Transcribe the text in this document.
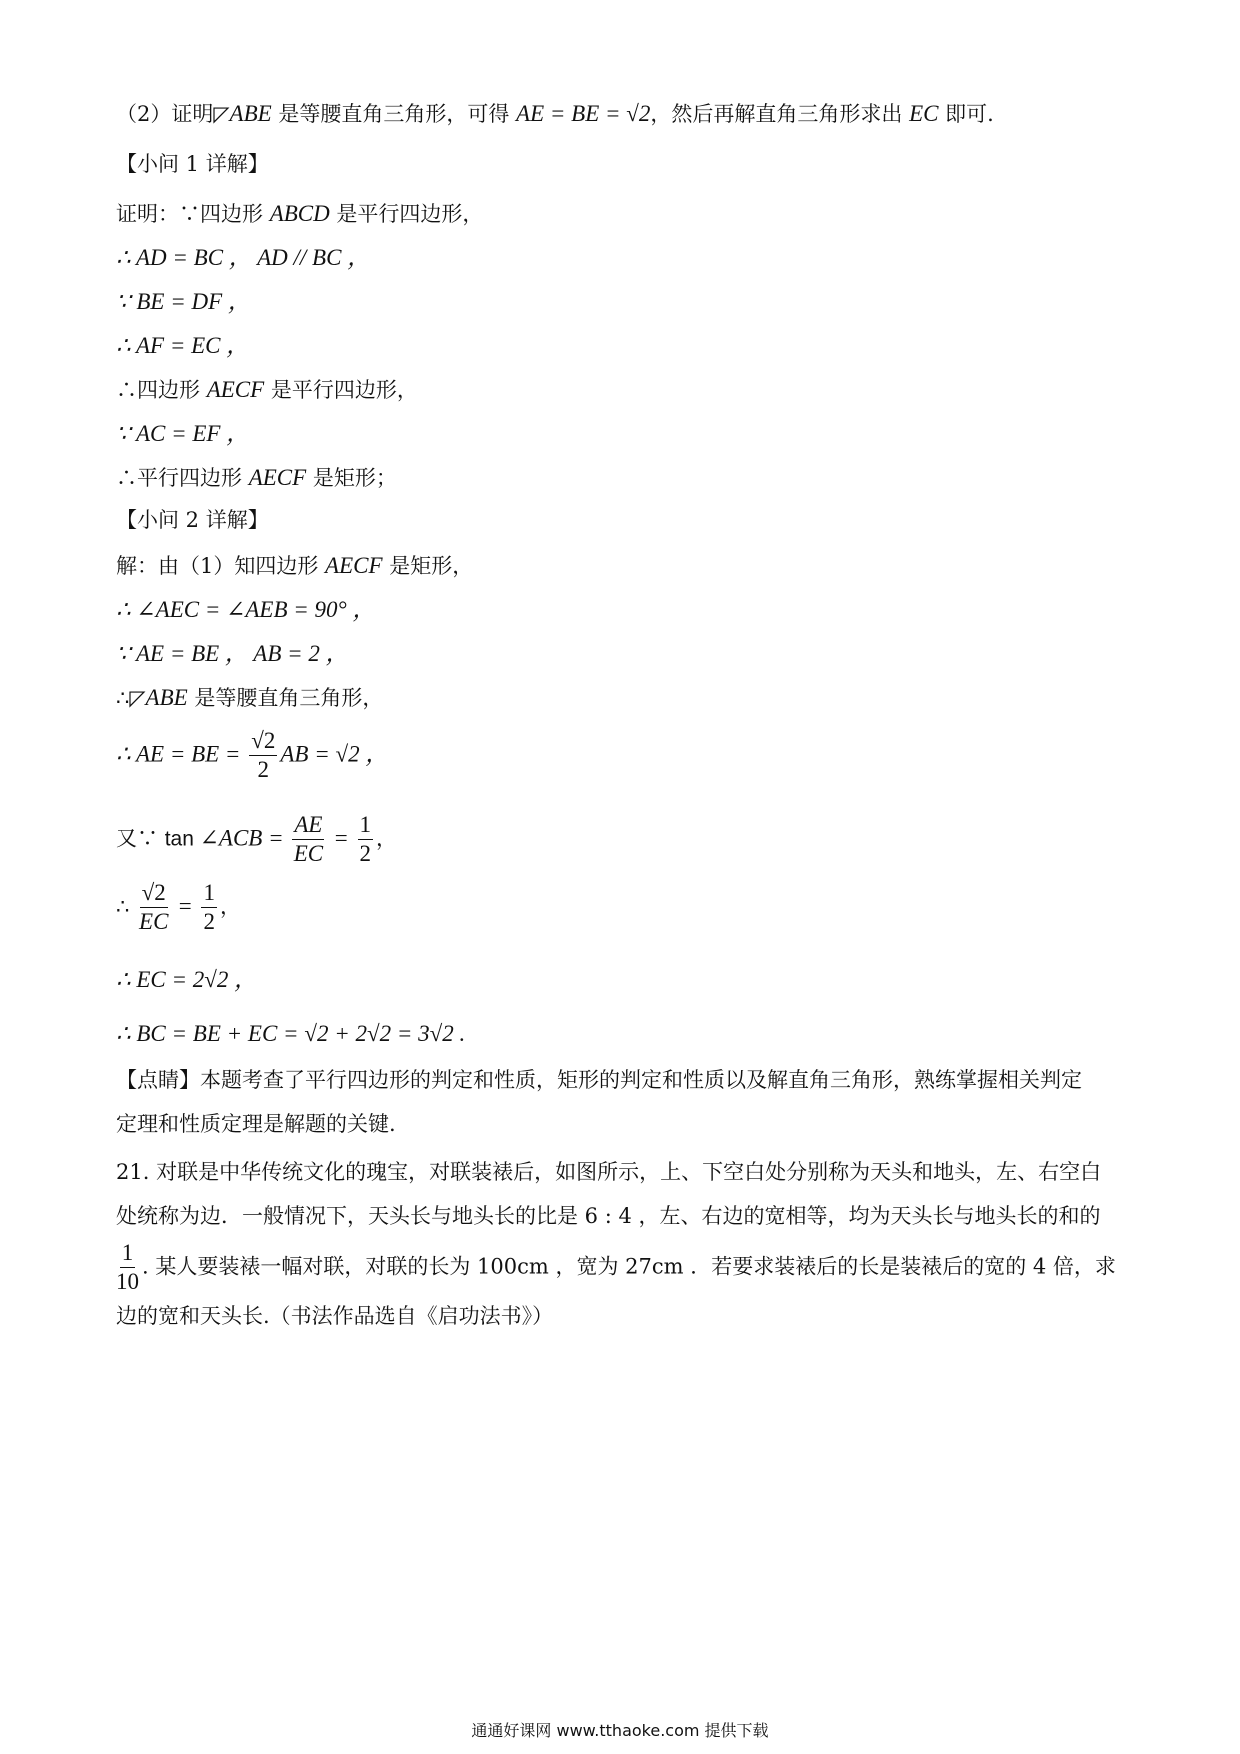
（2）证明◸ABE 是等腰直角三角形，可得 AE = BE = √2，然后再解直角三角形求出 EC 即可.
【小问 1 详解】
证明：∵四边形 ABCD 是平行四边形，
∴ AD = BC ， AD // BC ，
∵ BE = DF ，
∴ AF = EC ，
∴四边形 AECF 是平行四边形，
∵ AC = EF ，
∴平行四边形 AECF 是矩形；
【小问 2 详解】
解：由（1）知四边形 AECF 是矩形，
∴ ∠AEC = ∠AEB = 90° ，
∵ AE = BE ， AB = 2 ，
∴◸ABE 是等腰直角三角形，
∴ AE = BE = $\frac{√2}{2}$ AB = √2 ，
又∵ tan ∠ACB = $\frac{AE}{EC} = \frac{1}{2}$ ，
∴ $\frac{√2}{EC} = \frac{1}{2}$ ，
∴ EC = 2√2 ，
∴ BC = BE + EC = √2 + 2√2 = 3√2 .
【点睛】本题考查了平行四边形的判定和性质，矩形的判定和性质以及解直角三角形，熟练掌握相关判定
定理和性质定理是解题的关键.
21. 对联是中华传统文化的瑰宝，对联装裱后，如图所示，上、下空白处分别称为天头和地头，左、右空白
处统称为边．一般情况下，天头长与地头长的比是 6 : 4 ，左、右边的宽相等，均为天头长与地头长的和的
$\frac{1}{10}$ . 某人要装裱一幅对联，对联的长为 100cm ，宽为 27cm ．若要求装裱后的长是装裱后的宽的 4 倍，求
边的宽和天头长.（书法作品选自《启功法书》）
通通好课网 www.tthaoke.com 提供下载
